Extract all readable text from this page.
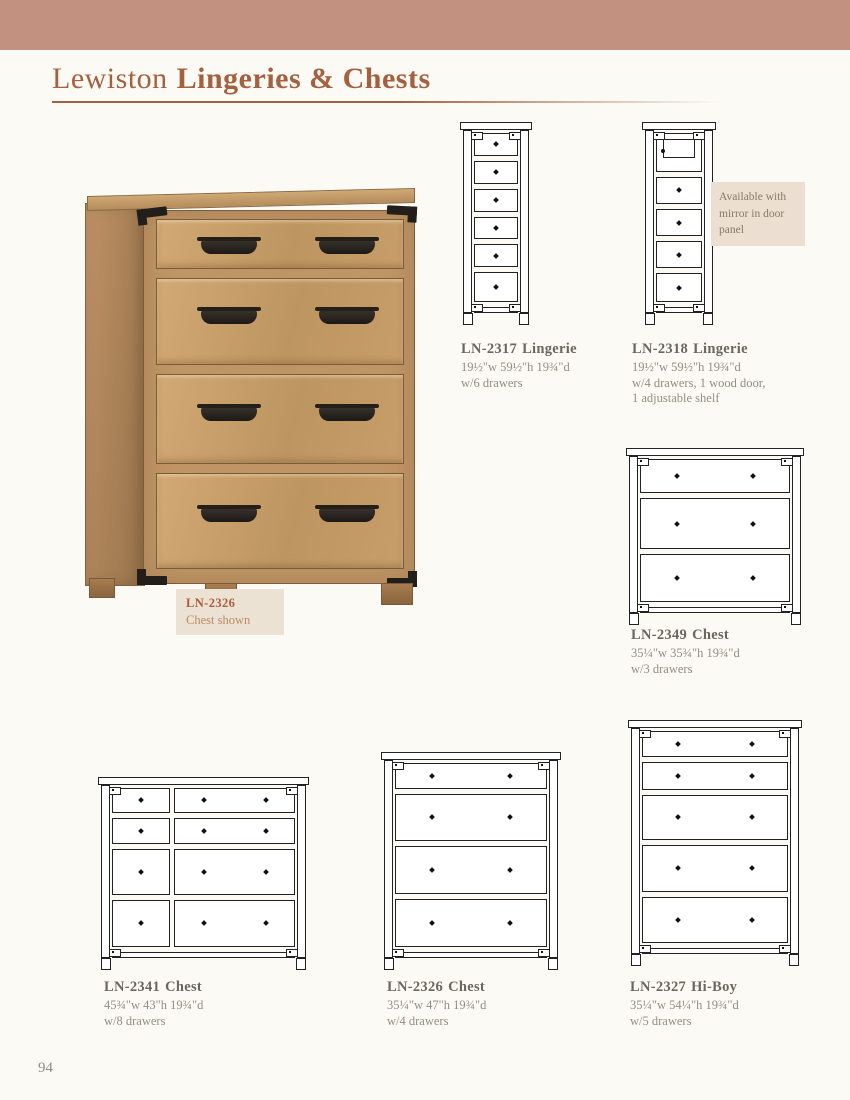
Lewiston Lingeries & Chests
LN-2326
Chest shown
Available with mirror in door panel
LN-2317 Lingerie
19½"w 59½"h 19¾"d
w/6 drawers
LN-2318 Lingerie
19½"w 59½"h 19¾"d
w/4 drawers, 1 wood door,
1 adjustable shelf
LN-2349 Chest
35¼"w 35¾"h 19¾"d
w/3 drawers
LN-2341 Chest
45¾"w 43"h 19¾"d
w/8 drawers
LN-2326 Chest
35¼"w 47"h 19¾"d
w/4 drawers
LN-2327 Hi-Boy
35¼"w 54¼"h 19¾"d
w/5 drawers
94
